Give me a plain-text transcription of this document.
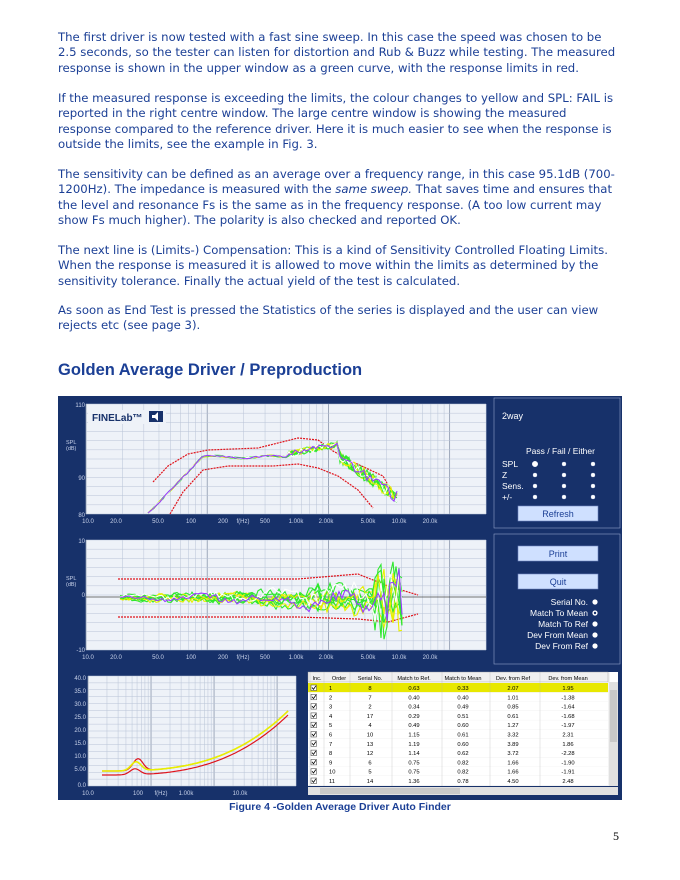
The first driver is now tested with a fast sine sweep. In this case the speed was chosen to be 2.5 seconds, so the tester can listen for distortion and Rub & Buzz while testing. The measured response is shown in the upper window as a green curve, with the response limits in red.

If the measured response is exceeding the limits, the colour changes to yellow and SPL: FAIL is reported in the right centre window. The large centre window is showing the measured response compared to the reference driver. Here it is much easier to see when the response is outside the limits, see the example in Fig. 3.

The sensitivity can be defined as an average over a frequency range, in this case 95.1dB (700-1200Hz). The impedance is measured with the same sweep. That saves time and ensures that the level and resonance Fs is the same as in the frequency response. (A too low current may show Fs much higher). The polarity is also checked and reported OK.

The next line is (Limits-) Compensation: This is a kind of Sensitivity Controlled Floating Limits. When the response is measured it is allowed to move within the limits as determined by the sensitivity tolerance. Finally the actual yield of the test is calculated.

As soon as End Test is pressed the Statistics of the series is displayed and the user can view rejects etc (see page 3).

Golden Average Driver / Preproduction
FINELab™
110
90
80
SPL
(dB)
10.0	20.0	50.0	100	200 f(Hz) 500	1.00k	2.00k	5.00k	10.0k	20.0k
10
0
-10
SPL
(dB)
10.0	20.0	50.0	100	200 f(Hz) 500	1.00k	2.00k	5.00k	10.0k	20.0k
40.0
35.0
30.0
25.0
20.0
15.0
10.0
5.00
0.0
10.0	100 f(Hz) 1.00k	10.0k
2way
Pass / Fail / Either
SPL
Z
Sens.
+/-
Refresh
Print
Quit
Serial No.
Match To Mean
Match To Ref
Dev From Mean
Dev From Ref
Inc. Order Serial No.	Match to Ref. Match to Mean	Dev. from Ref	Dev. from Mean
1	8	0.63	0.33	2.07	1.95
2	7	0.40	0.40	1.01	-1.38
3	2	0.34	0.49	0.85	-1.64
4	17	0.29	0.51	0.61	-1.68
5	4	0.49	0.60	1.27	-1.97
6	10	1.15	0.61	3.32	2.31
7	13	1.19	0.60	3.89	1.86
8	12	1.14	0.62	3.72	-2.28
9	6	0.75	0.82	1.66	-1.90
10	5	0.75	0.82	1.66	-1.91
11	14	1.36	0.78	4.50	2.48
Figure 4 -Golden Average Driver Auto Finder
5
